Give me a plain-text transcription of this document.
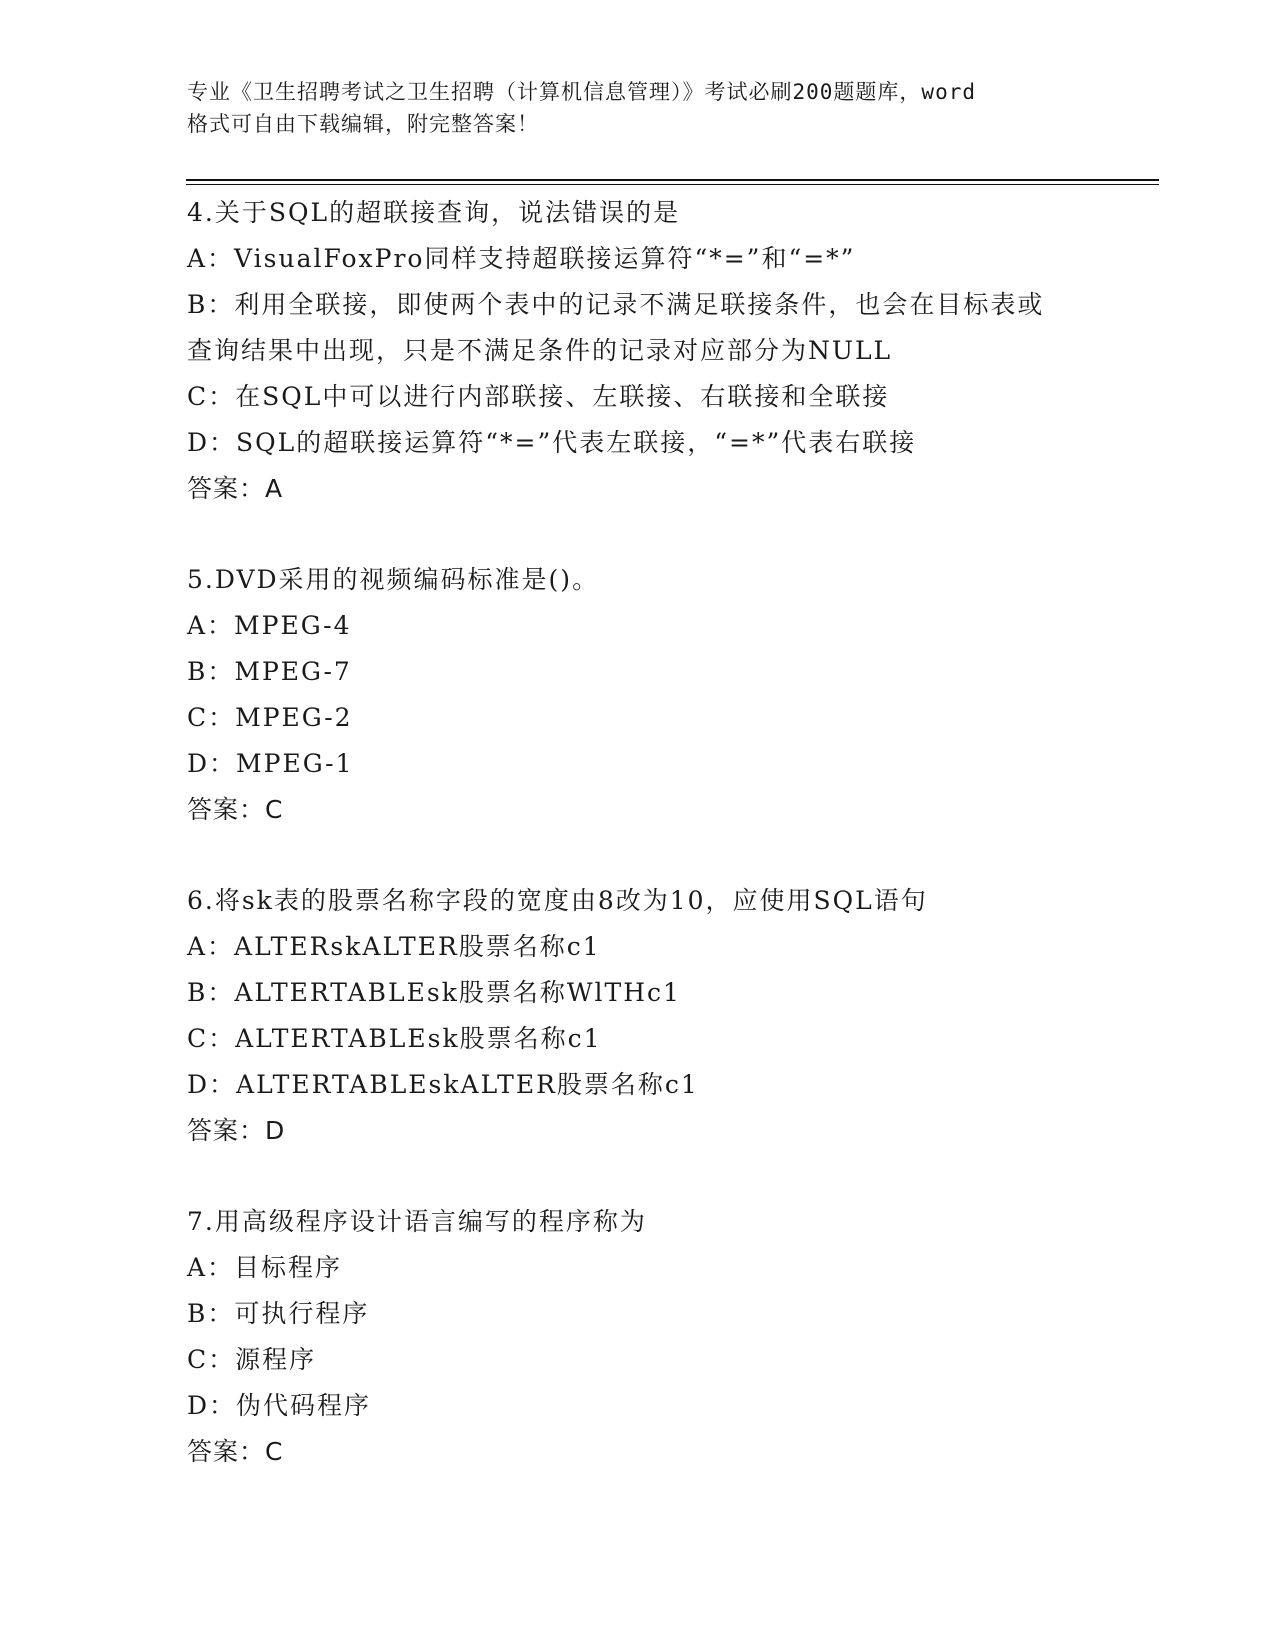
专业《卫生招聘考试之卫生招聘（计算机信息管理）》考试必刷200题题库，word
格式可自由下载编辑，附完整答案！
4.关于SQL的超联接查询，说法错误的是
A：VisualFoxPro同样支持超联接运算符“*=”和“=*”
B：利用全联接，即使两个表中的记录不满足联接条件，也会在目标表或查询结果中出现，只是不满足条件的记录对应部分为NULL
C：在SQL中可以进行内部联接、左联接、右联接和全联接
D：SQL的超联接运算符“*=”代表左联接，“=*”代表右联接
答案：A
5.DVD采用的视频编码标准是()。
A：MPEG-4
B：MPEG-7
C：MPEG-2
D：MPEG-1
答案：C
6.将sk表的股票名称字段的宽度由8改为10，应使用SQL语句
A：ALTERskALTER股票名称c1
B：ALTERTABLEsk股票名称WlTHc1
C：ALTERTABLEsk股票名称c1
D：ALTERTABLEskALTER股票名称c1
答案：D
7.用高级程序设计语言编写的程序称为
A：目标程序
B：可执行程序
C：源程序
D：伪代码程序
答案：C
